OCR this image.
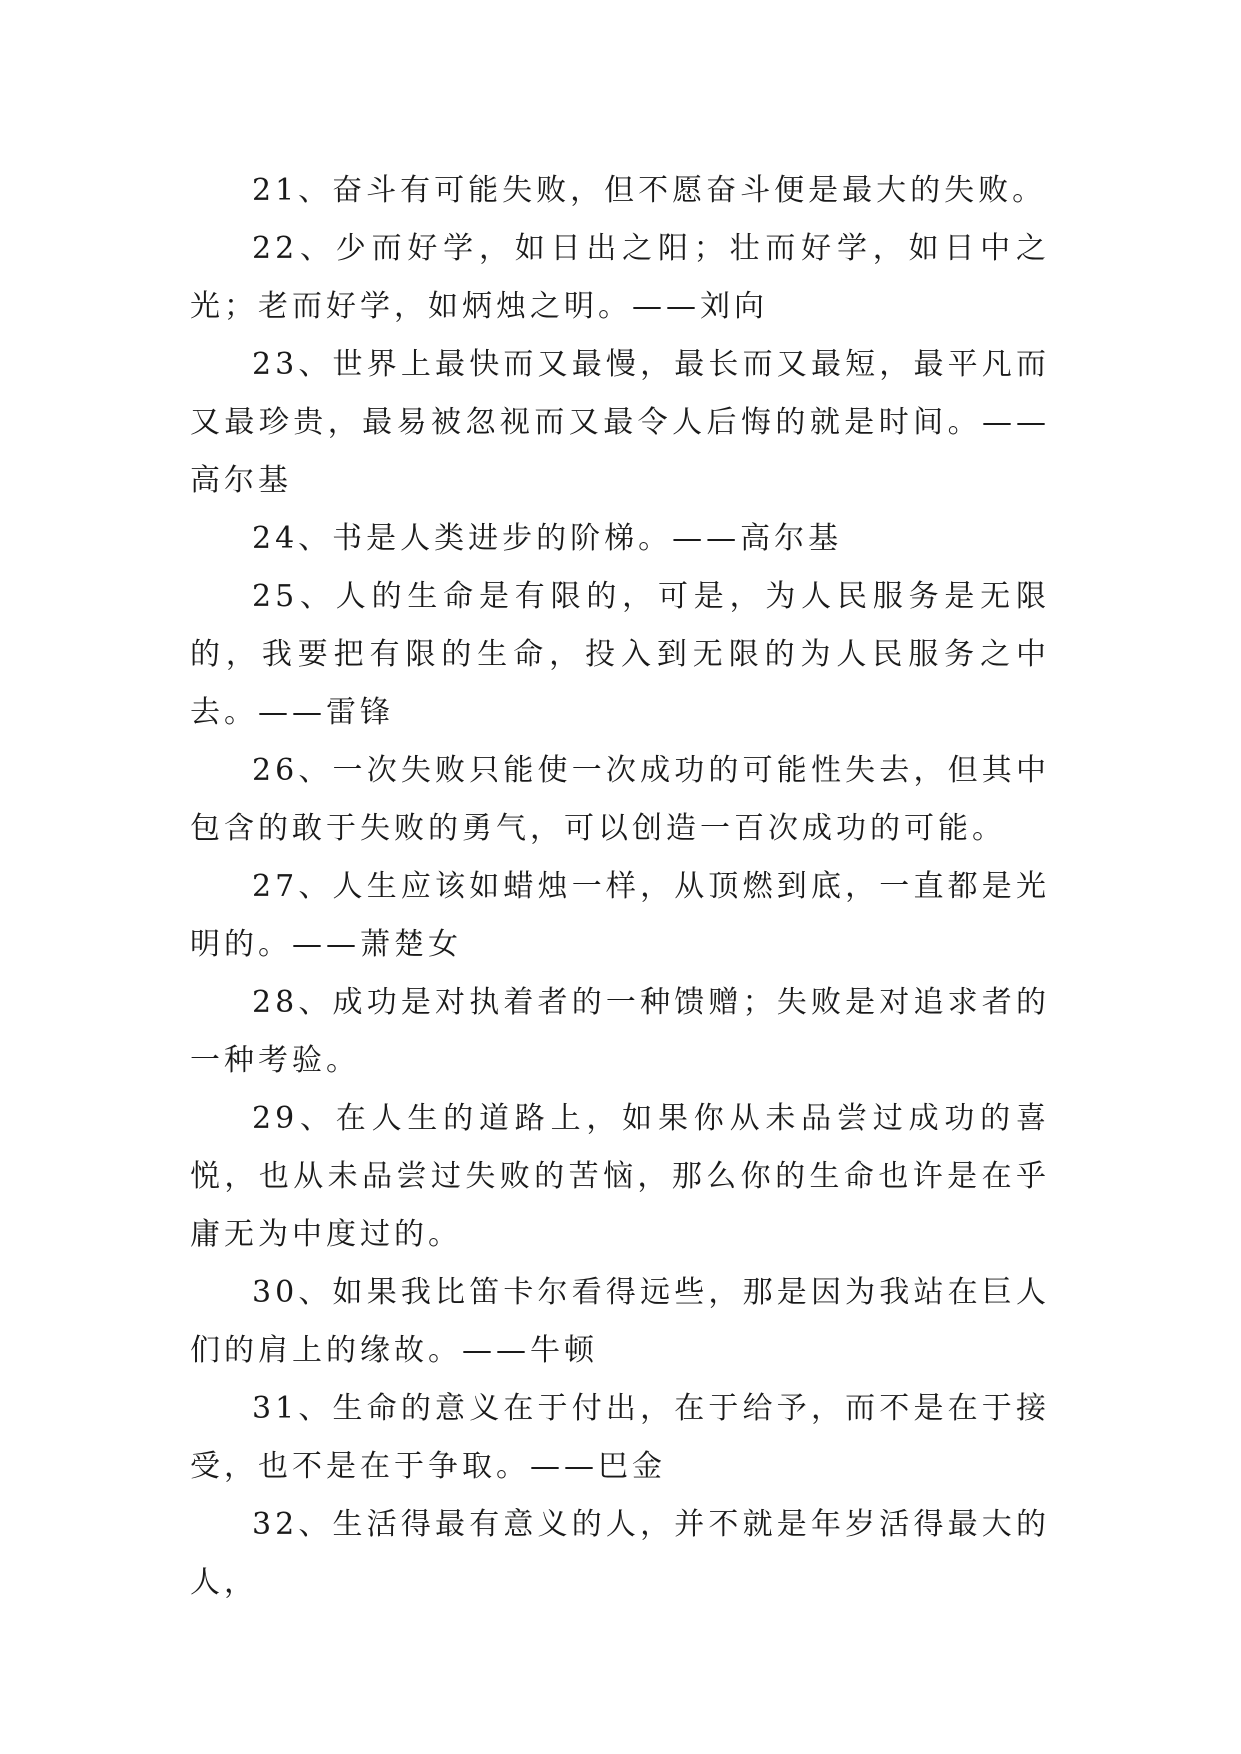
21、奋斗有可能失败，但不愿奋斗便是最大的失败。

22、少而好学，如日出之阳；壮而好学，如日中之光；老而好学，如炳烛之明。——刘向

23、世界上最快而又最慢，最长而又最短，最平凡而又最珍贵，最易被忽视而又最令人后悔的就是时间。——高尔基

24、书是人类进步的阶梯。——高尔基

25、人的生命是有限的，可是，为人民服务是无限的，我要把有限的生命，投入到无限的为人民服务之中去。——雷锋

26、一次失败只能使一次成功的可能性失去，但其中包含的敢于失败的勇气，可以创造一百次成功的可能。

27、人生应该如蜡烛一样，从顶燃到底，一直都是光明的。——萧楚女

28、成功是对执着者的一种馈赠；失败是对追求者的一种考验。

29、在人生的道路上，如果你从未品尝过成功的喜悦，也从未品尝过失败的苦恼，那么你的生命也许是在乎庸无为中度过的。

30、如果我比笛卡尔看得远些，那是因为我站在巨人们的肩上的缘故。——牛顿

31、生命的意义在于付出，在于给予，而不是在于接受，也不是在于争取。——巴金

32、生活得最有意义的人，并不就是年岁活得最大的人，
